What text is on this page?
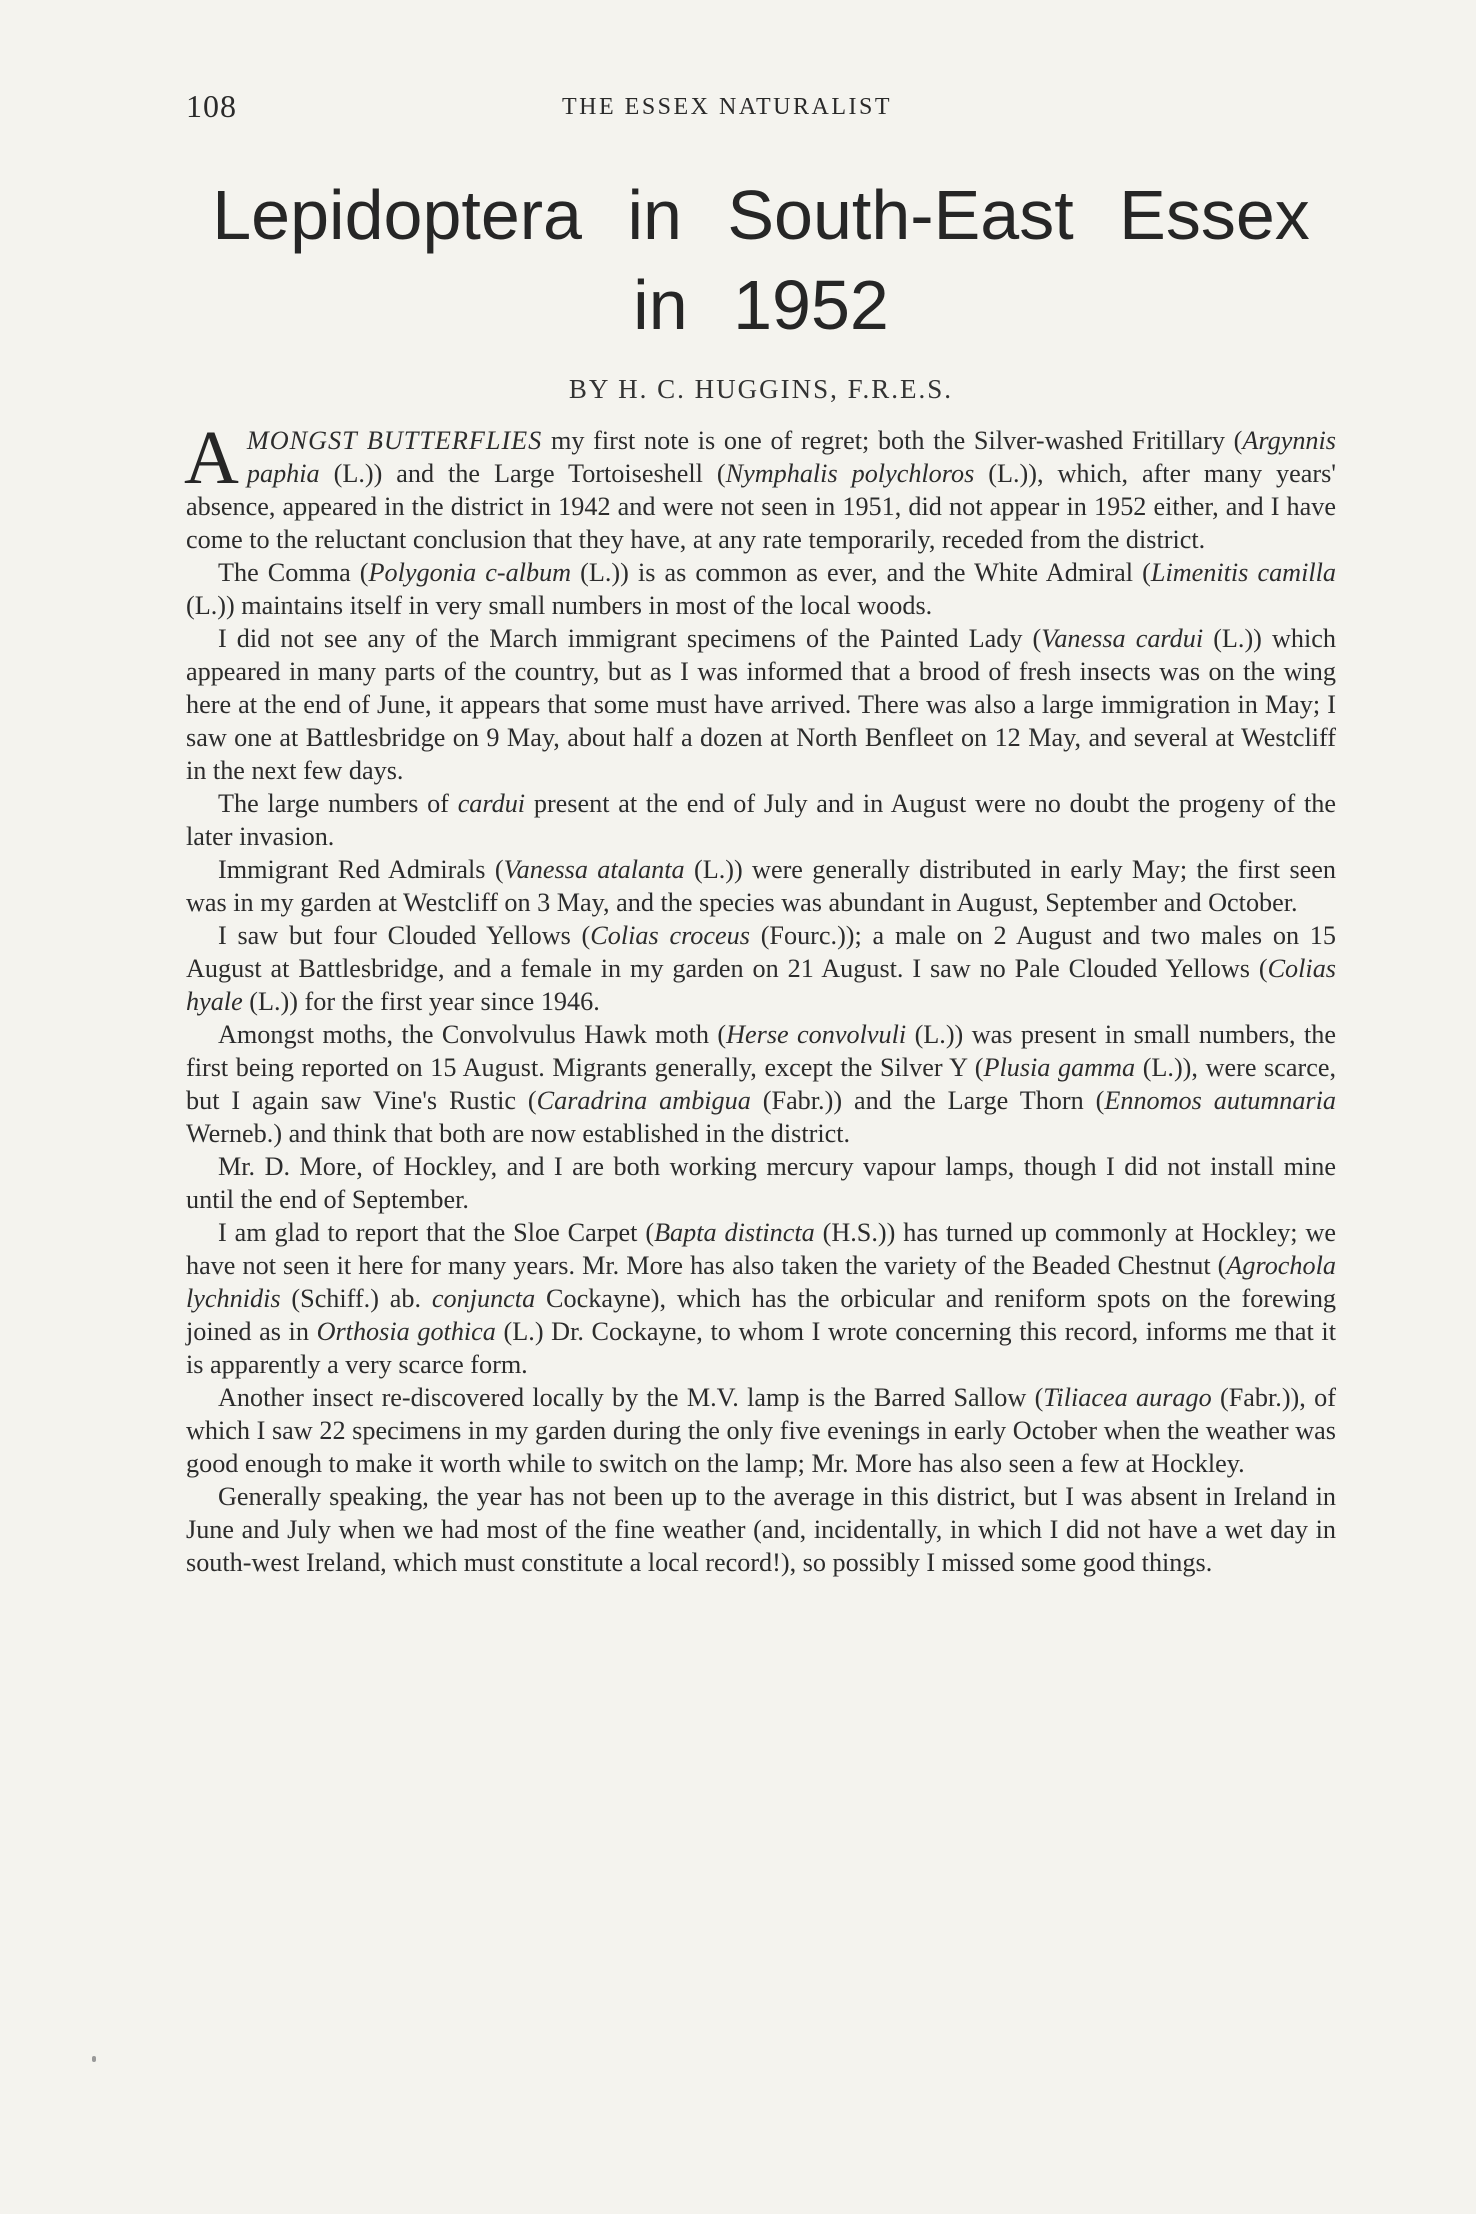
108	THE ESSEX NATURALIST
Lepidoptera in South-East Essex
in 1952
BY H. C. HUGGINS, F.R.E.S.

AMONGST BUTTERFLIES my first note is one of regret; both the Silver-washed Fritillary (Argynnis paphia (L.)) and the Large Tortoiseshell (Nymphalis polychloros (L.)), which, after many years' absence, appeared in the district in 1942 and were not seen in 1951, did not appear in 1952 either, and I have come to the reluctant conclusion that they have, at any rate temporarily, receded from the district.

The Comma (Polygonia c-album (L.)) is as common as ever, and the White Admiral (Limenitis camilla (L.)) maintains itself in very small numbers in most of the local woods.

I did not see any of the March immigrant specimens of the Painted Lady (Vanessa cardui (L.)) which appeared in many parts of the country, but as I was informed that a brood of fresh insects was on the wing here at the end of June, it appears that some must have arrived. There was also a large immigration in May; I saw one at Battlesbridge on 9 May, about half a dozen at North Benfleet on 12 May, and several at Westcliff in the next few days.

The large numbers of cardui present at the end of July and in August were no doubt the progeny of the later invasion.

Immigrant Red Admirals (Vanessa atalanta (L.)) were generally distributed in early May; the first seen was in my garden at Westcliff on 3 May, and the species was abundant in August, September and October.

I saw but four Clouded Yellows (Colias croceus (Fourc.)); a male on 2 August and two males on 15 August at Battlesbridge, and a female in my garden on 21 August. I saw no Pale Clouded Yellows (Colias hyale (L.)) for the first year since 1946.

Amongst moths, the Convolvulus Hawk moth (Herse convolvuli (L.)) was present in small numbers, the first being reported on 15 August. Migrants generally, except the Silver Y (Plusia gamma (L.)), were scarce, but I again saw Vine's Rustic (Caradrina ambigua (Fabr.)) and the Large Thorn (Ennomos autumnaria Werneb.) and think that both are now established in the district.

Mr. D. More, of Hockley, and I are both working mercury vapour lamps, though I did not install mine until the end of September.

I am glad to report that the Sloe Carpet (Bapta distincta (H.S.)) has turned up commonly at Hockley; we have not seen it here for many years. Mr. More has also taken the variety of the Beaded Chestnut (Agrochola lychnidis (Schiff.) ab. conjuncta Cockayne), which has the orbicular and reniform spots on the forewing joined as in Orthosia gothica (L.) Dr. Cockayne, to whom I wrote concerning this record, informs me that it is apparently a very scarce form.

Another insect re-discovered locally by the M.V. lamp is the Barred Sallow (Tiliacea aurago (Fabr.)), of which I saw 22 specimens in my garden during the only five evenings in early October when the weather was good enough to make it worth while to switch on the lamp; Mr. More has also seen a few at Hockley.

Generally speaking, the year has not been up to the average in this district, but I was absent in Ireland in June and July when we had most of the fine weather (and, incidentally, in which I did not have a wet day in south-west Ireland, which must constitute a local record!), so possibly I missed some good things.
